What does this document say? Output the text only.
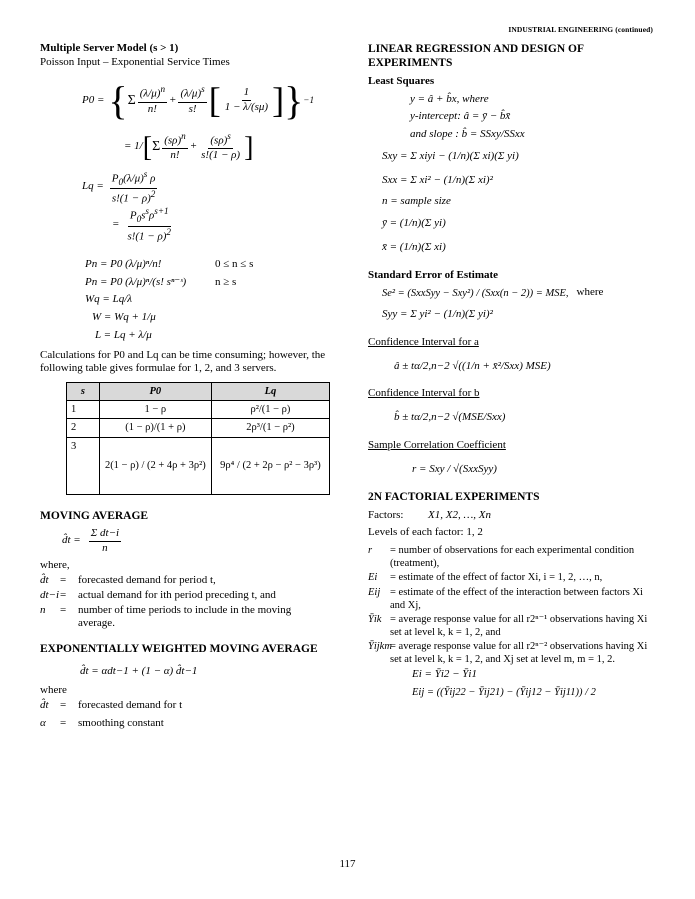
INDUSTRIAL ENGINEERING (continued)

Multiple Server Model (s > 1)

Poisson Input – Exponential Service Times

P0 = { Σ $\frac{(\lambda/\mu)^n}{n!} + \frac{(\lambda/\mu)^s}{s!}$ [ $\frac{1}{1 - \lambda/(s\mu)}$ ] } −1
= 1/ [ Σ $\frac{(s\rho)^n}{n!} + \frac{(s\rho)^s}{s!(1 - \rho)}$ ]
$Lq = \frac{P_0(\lambda/\mu)^s \rho}{s!(1 - \rho)^2}$
= $\frac{P_0s^s\rho^{s+1}}{s!(1 - \rho)^2}$
Pn = P0 (λ/μ)ⁿ/n!	0 ≤ n ≤ s
Pn = P0 (λ/μ)ⁿ/(s! sⁿ⁻ˢ)	n ≥ s

Wq = Lq/λ

W = Wq + 1/μ

L = Lq + λ/μ

Calculations for P0 and Lq can be time consuming; however, the following table gives formulae for 1, 2, and 3 servers.

s	P0	Lq
1	1 − ρ	ρ²/(1 − ρ)
2	(1 − ρ)/(1 + ρ)	2ρ³/(1 − ρ²)
3	2(1 − ρ) / (2 + 4ρ + 3ρ²)	9ρ⁴ / (2 + 2ρ − ρ² − 3ρ³)

MOVING AVERAGE

d̂t = $\frac{\text{Σ dt−i}}{n}$

where,

d̂t	=	forecasted demand for period t,
dt−i =	actual demand for ith period preceding t, and
n	=	number of time periods to include in the moving average.

EXPONENTIALLY WEIGHTED MOVING AVERAGE

d̂t = αdt−1 + (1 − α) d̂t−1

where

d̂t	=	forecasted demand for t
α	=	smoothing constant

LINEAR REGRESSION AND DESIGN OF EXPERIMENTS

Least Squares

y = â + b̂x, where

y-intercept: â = ȳ − b̂x̄

and slope : b̂ = SSxy/SSxx

Sxy = Σ xiyi − (1/n)(Σ xi)(Σ yi)

Sxx = Σ xi² − (1/n)(Σ xi)²

n = sample size

ȳ = (1/n)(Σ yi)

x̄ = (1/n)(Σ xi)

Standard Error of Estimate

Se² = (SxxSyy − Sxy²) / (Sxx(n − 2)) = MSE, where

Syy = Σ yi² − (1/n)(Σ yi)²

Confidence Interval for a

â ± tα/2,n−2 √((1/n + x̄²/Sxx) MSE)

Confidence Interval for b

b̂ ± tα/2,n−2 √(MSE/Sxx)

Sample Correlation Coefficient

r = Sxy / √(SxxSyy)

2N FACTORIAL EXPERIMENTS

Factors:	X1, X2, …, Xn

Levels of each factor: 1, 2

r	= number of observations for each experimental condition (treatment),
Ei	= estimate of the effect of factor Xi, i = 1, 2, …, n,
Eij = estimate of the effect of the interaction between factors Xi and Xj,
Ȳik = average response value for all r2ⁿ⁻¹ observations having Xi set at level k, k = 1, 2, and
Ȳijkm
= average response value for all r2ⁿ⁻² observations having Xi set at level k, k = 1, 2, and Xj set at level m, m = 1, 2.

Ei = Ȳi2 − Ȳi1

Eij = ((Ȳij22 − Ȳij21) − (Ȳij12 − Ȳij11)) / 2

117
